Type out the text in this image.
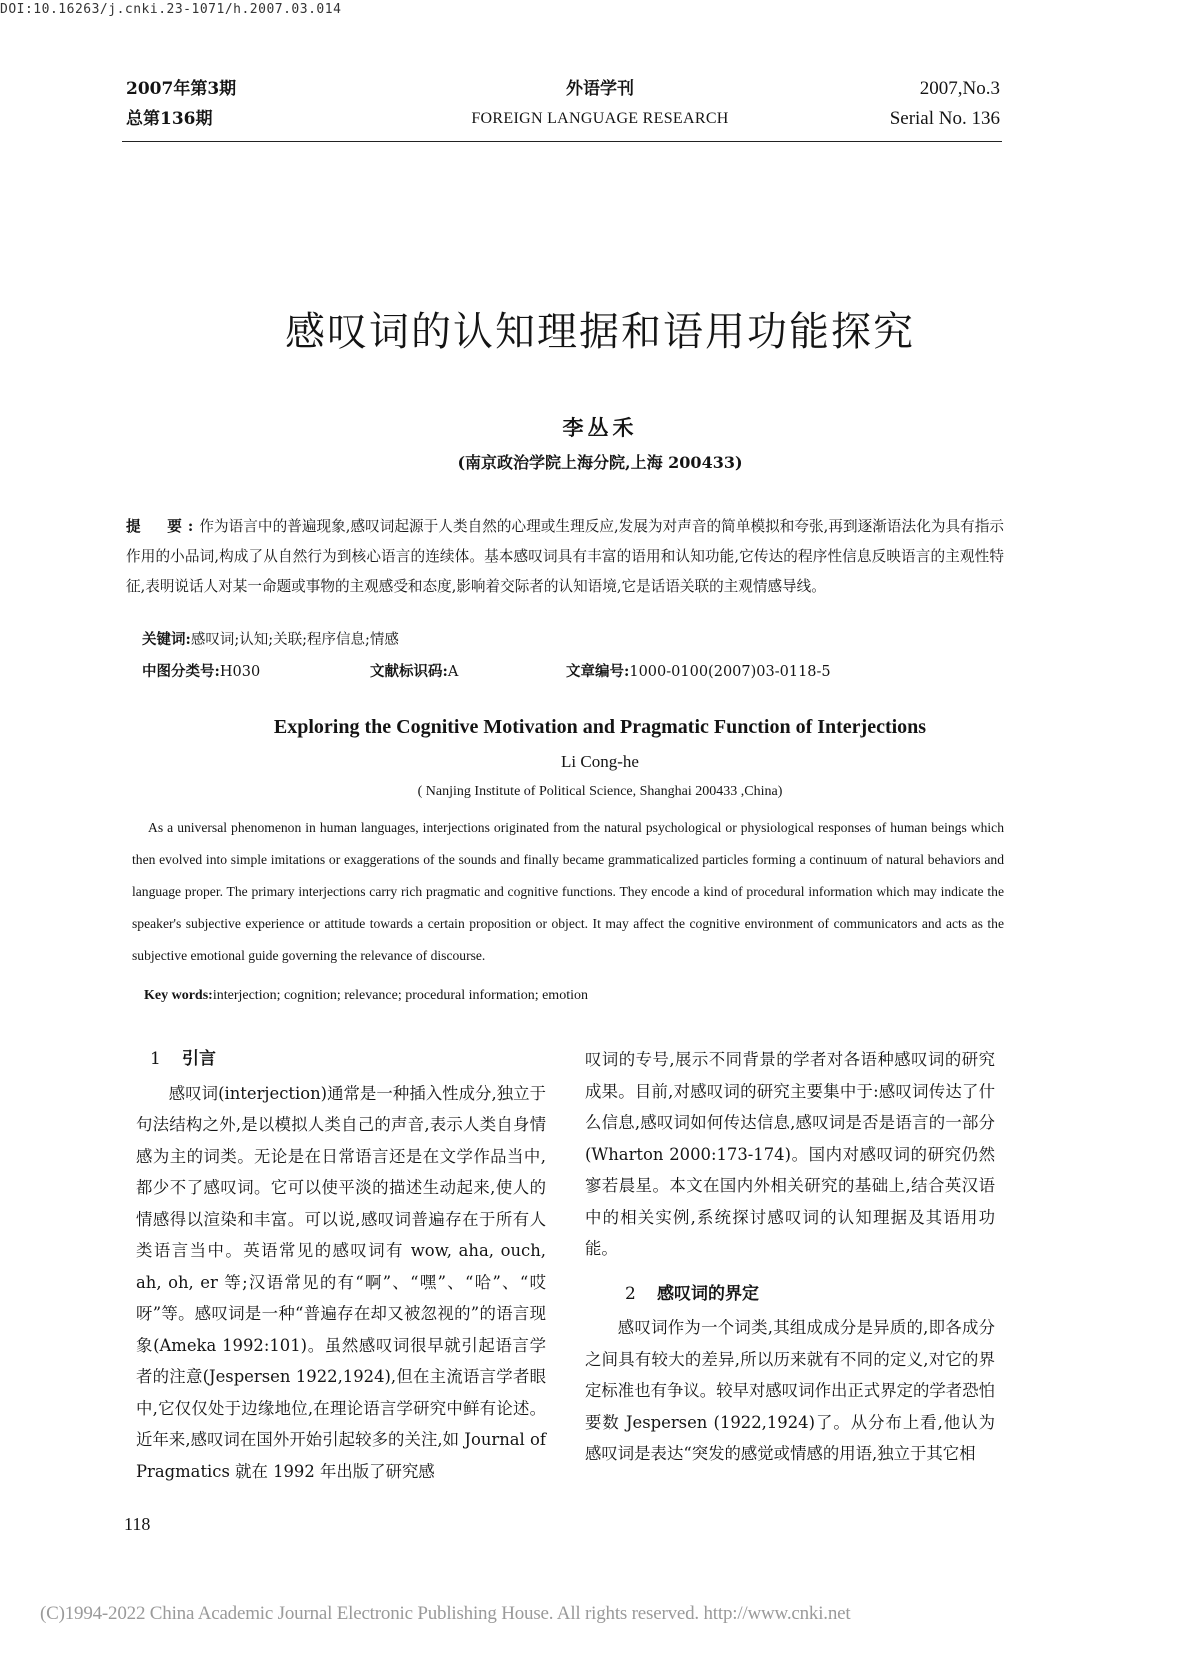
DOI:10.16263/j.cnki.23-1071/h.2007.03.014
2007年第3期
总第136期
外语学刊
FOREIGN LANGUAGE RESEARCH
2007,No.3
Serial No. 136
感叹词的认知理据和语用功能探究
李丛禾
(南京政治学院上海分院,上海 200433)
提　要:作为语言中的普遍现象,感叹词起源于人类自然的心理或生理反应,发展为对声音的简单模拟和夸张,再到逐渐语法化为具有指示作用的小品词,构成了从自然行为到核心语言的连续体。基本感叹词具有丰富的语用和认知功能,它传达的程序性信息反映语言的主观性特征,表明说话人对某一命题或事物的主观感受和态度,影响着交际者的认知语境,它是话语关联的主观情感导线。
关键词:感叹词;认知;关联;程序信息;情感
中图分类号:H030	文献标识码:A	文章编号:1000-0100(2007)03-0118-5
Exploring the Cognitive Motivation and Pragmatic Function of Interjections
Li Cong-he
( Nanjing Institute of Political Science, Shanghai 200433 ,China)
As a universal phenomenon in human languages, interjections originated from the natural psychological or physiological responses of human beings which then evolved into simple imitations or exaggerations of the sounds and finally became grammaticalized particles forming a continuum of natural behaviors and language proper. The primary interjections carry rich pragmatic and cognitive functions. They encode a kind of procedural information which may indicate the speaker's subjective experience or attitude towards a certain proposition or object. It may affect the cognitive environment of communicators and acts as the subjective emotional guide governing the relevance of discourse.
Key words:interjection; cognition; relevance; procedural information; emotion

1 引言

感叹词(interjection)通常是一种插入性成分,独立于句法结构之外,是以模拟人类自己的声音,表示人类自身情感为主的词类。无论是在日常语言还是在文学作品当中,都少不了感叹词。它可以使平淡的描述生动起来,使人的情感得以渲染和丰富。可以说,感叹词普遍存在于所有人类语言当中。英语常见的感叹词有 wow, aha, ouch, ah, oh, er 等;汉语常见的有“啊”、“嘿”、“哈”、“哎呀”等。感叹词是一种“普遍存在却又被忽视的”的语言现象(Ameka 1992:101)。虽然感叹词很早就引起语言学者的注意(Jespersen 1922,1924),但在主流语言学者眼中,它仅仅处于边缘地位,在理论语言学研究中鲜有论述。近年来,感叹词在国外开始引起较多的关注,如 Journal of Pragmatics 就在 1992 年出版了研究感

叹词的专号,展示不同背景的学者对各语种感叹词的研究成果。目前,对感叹词的研究主要集中于:感叹词传达了什么信息,感叹词如何传达信息,感叹词是否是语言的一部分(Wharton 2000:173-174)。国内对感叹词的研究仍然寥若晨星。本文在国内外相关研究的基础上,结合英汉语中的相关实例,系统探讨感叹词的认知理据及其语用功能。

2 感叹词的界定

感叹词作为一个词类,其组成成分是异质的,即各成分之间具有较大的差异,所以历来就有不同的定义,对它的界定标准也有争议。较早对感叹词作出正式界定的学者恐怕要数 Jespersen (1922,1924)了。从分布上看,他认为感叹词是表达“突发的感觉或情感的用语,独立于其它相

118
(C)1994-2022 China Academic Journal Electronic Publishing House. All rights reserved. http://www.cnki.net
